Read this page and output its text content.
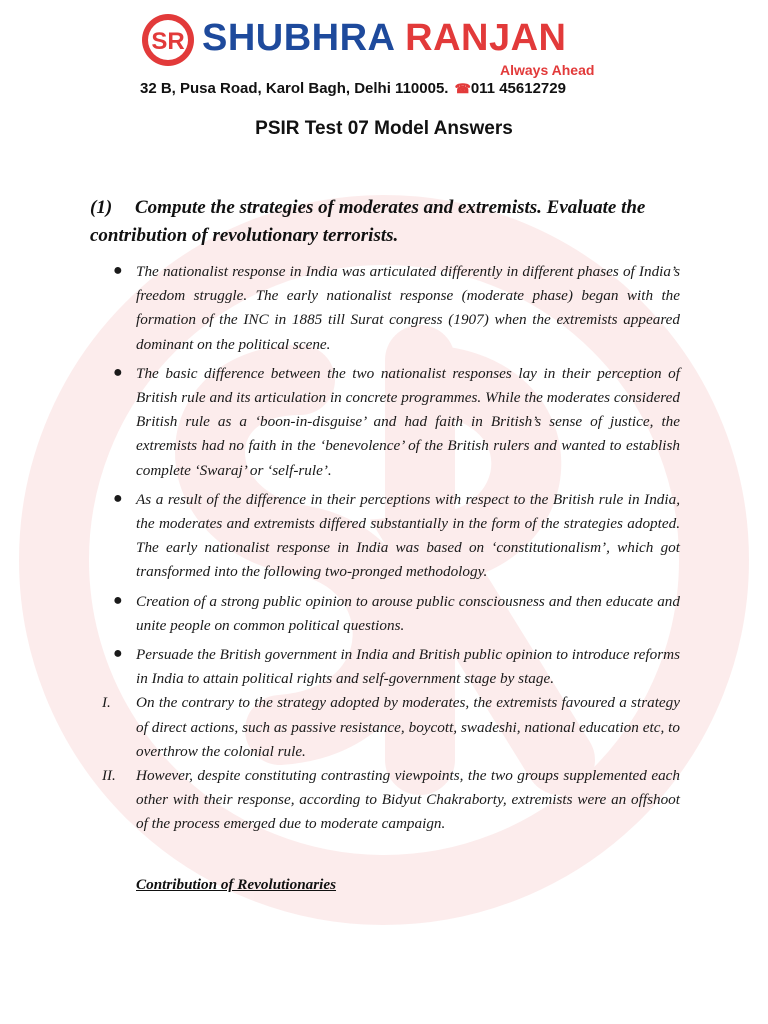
SR SHUBHRA RANJAN
Always Ahead
32 B, Pusa Road, Karol Bagh, Delhi 110005. ☎011 45612729
PSIR Test 07 Model Answers
(1) Compute the strategies of moderates and extremists. Evaluate the contribution of revolutionary terrorists.
● The nationalist response in India was articulated differently in different phases of India’s freedom struggle. The early nationalist response (moderate phase) began with the formation of the INC in 1885 till Surat congress (1907) when the extremists appeared dominant on the political scene.
● The basic difference between the two nationalist responses lay in their perception of British rule and its articulation in concrete programmes. While the moderates considered British rule as a ‘boon-in-disguise’ and had faith in British’s sense of justice, the extremists had no faith in the ‘benevolence’ of the British rulers and wanted to establish complete ‘Swaraj’ or ‘self-rule’.
● As a result of the difference in their perceptions with respect to the British rule in India, the moderates and extremists differed substantially in the form of the strategies adopted. The early nationalist response in India was based on ‘constitutionalism’, which got transformed into the following two-pronged methodology.
● Creation of a strong public opinion to arouse public consciousness and then educate and unite people on common political questions.
● Persuade the British government in India and British public opinion to introduce reforms in India to attain political rights and self-government stage by stage.
I. On the contrary to the strategy adopted by moderates, the extremists favoured a strategy of direct actions, such as passive resistance, boycott, swadeshi, national education etc, to overthrow the colonial rule.
II. However, despite constituting contrasting viewpoints, the two groups supplemented each other with their response, according to Bidyut Chakraborty, extremists were an offshoot of the process emerged due to moderate campaign.
Contribution of Revolutionaries
